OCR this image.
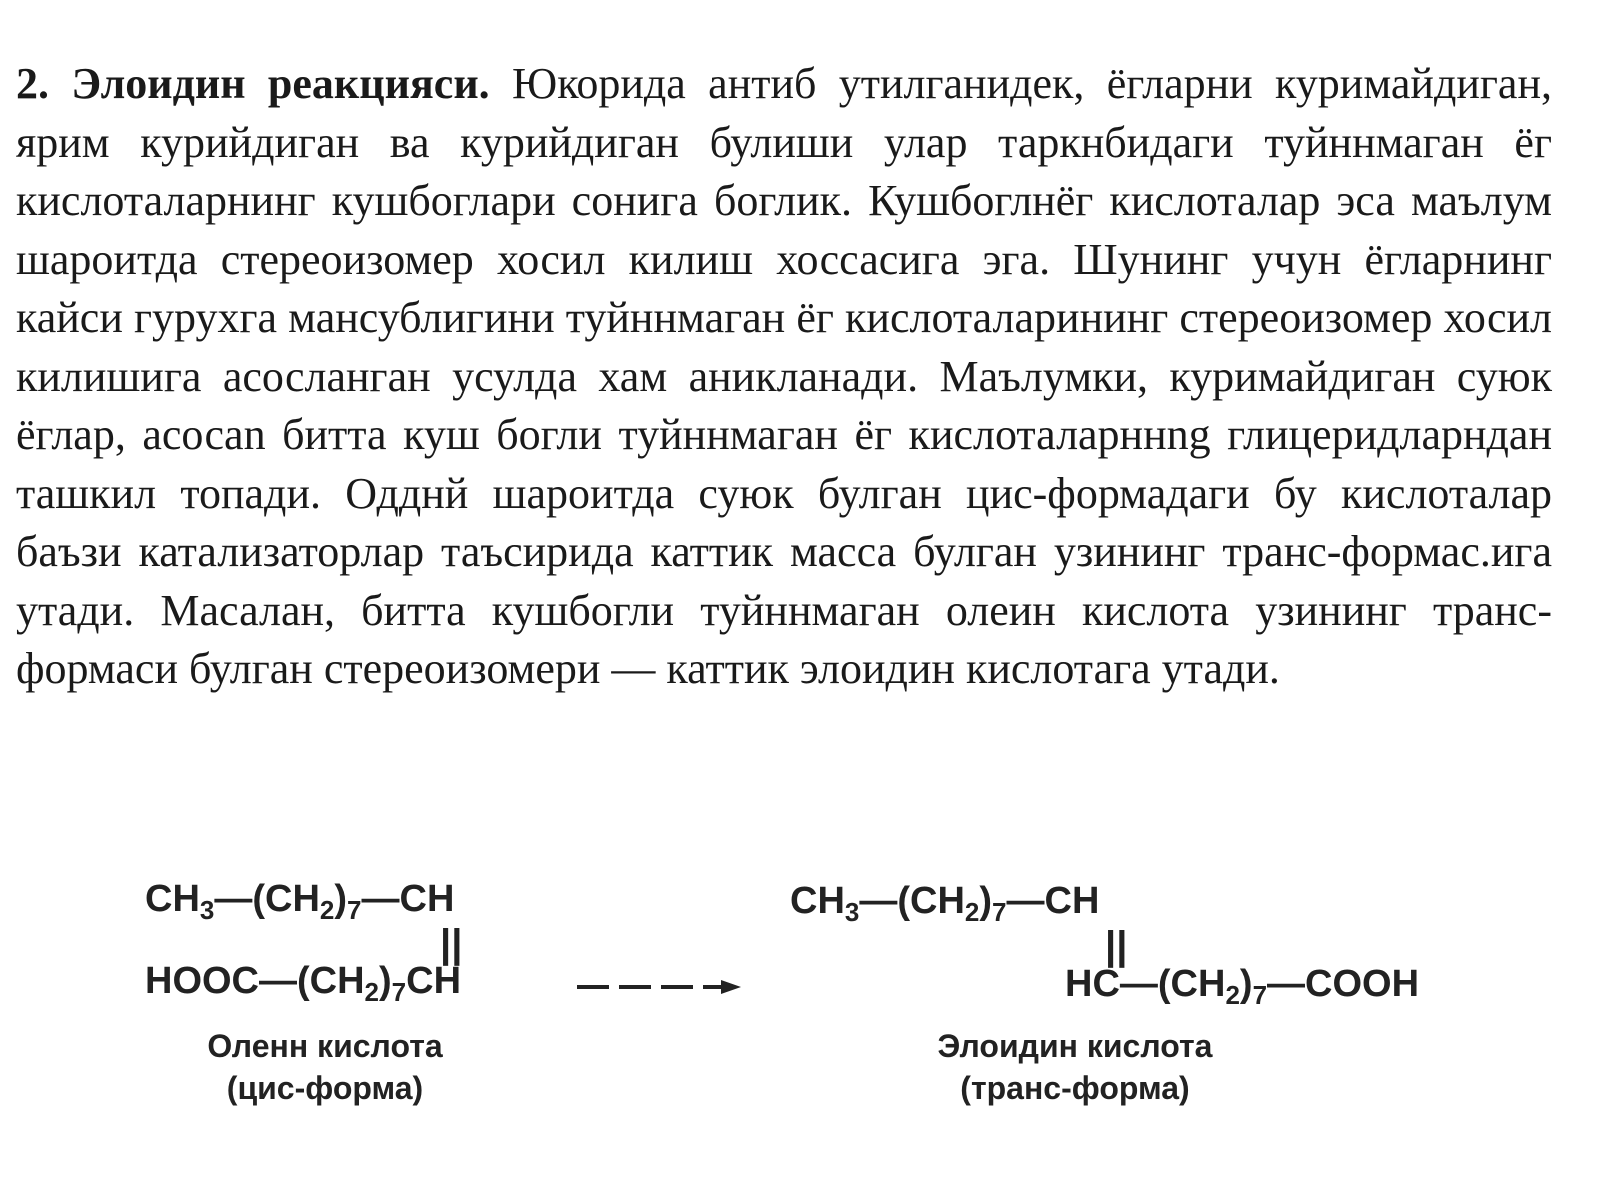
2. Элоидин реакцияси. Юкорида антиб утилганидек, ёгларни куримайдиган, ярим курийдиган ва курийдиган булиши улар таркнбидаги туйннмаган ёг кислоталарнинг кушбоглари сонига боглик. Кушбоглнёг кислоталар эса маълум шароитда стереоизомер хосил килиш хоссасига эга. Шунинг учун ёгларнинг кайси гурухга мансублигини туйннмаган ёг кислоталарининг стереоизомер хосил килишига асосланган усулда хам аникланади. Маълумки, куримайдиган суюк ёглар, асосan битта куш богли туйннмаган ёг кислоталарннng глицеридларндан ташкил топади. Одднй шароитда суюк булган цис-формадаги бу кислоталар баъзи катализаторлар таъсирида каттик масса булган узининг транс-формас.ига утади. Масалан, битта кушбогли туйннмаган олеин кислота узининг транс-формаси булган стереоизомери — каттик элоидин кислотага утади.
$CH_3—(CH_2)_7—CH$
||
$HOOC—(CH_2)_7CH$
Оленн кислота
(цис-форма)
$CH_3—(CH_2)_7—CH$
||
$HC—(CH_2)_7—COOH$
Элоидин кислота
(транс-форма)
